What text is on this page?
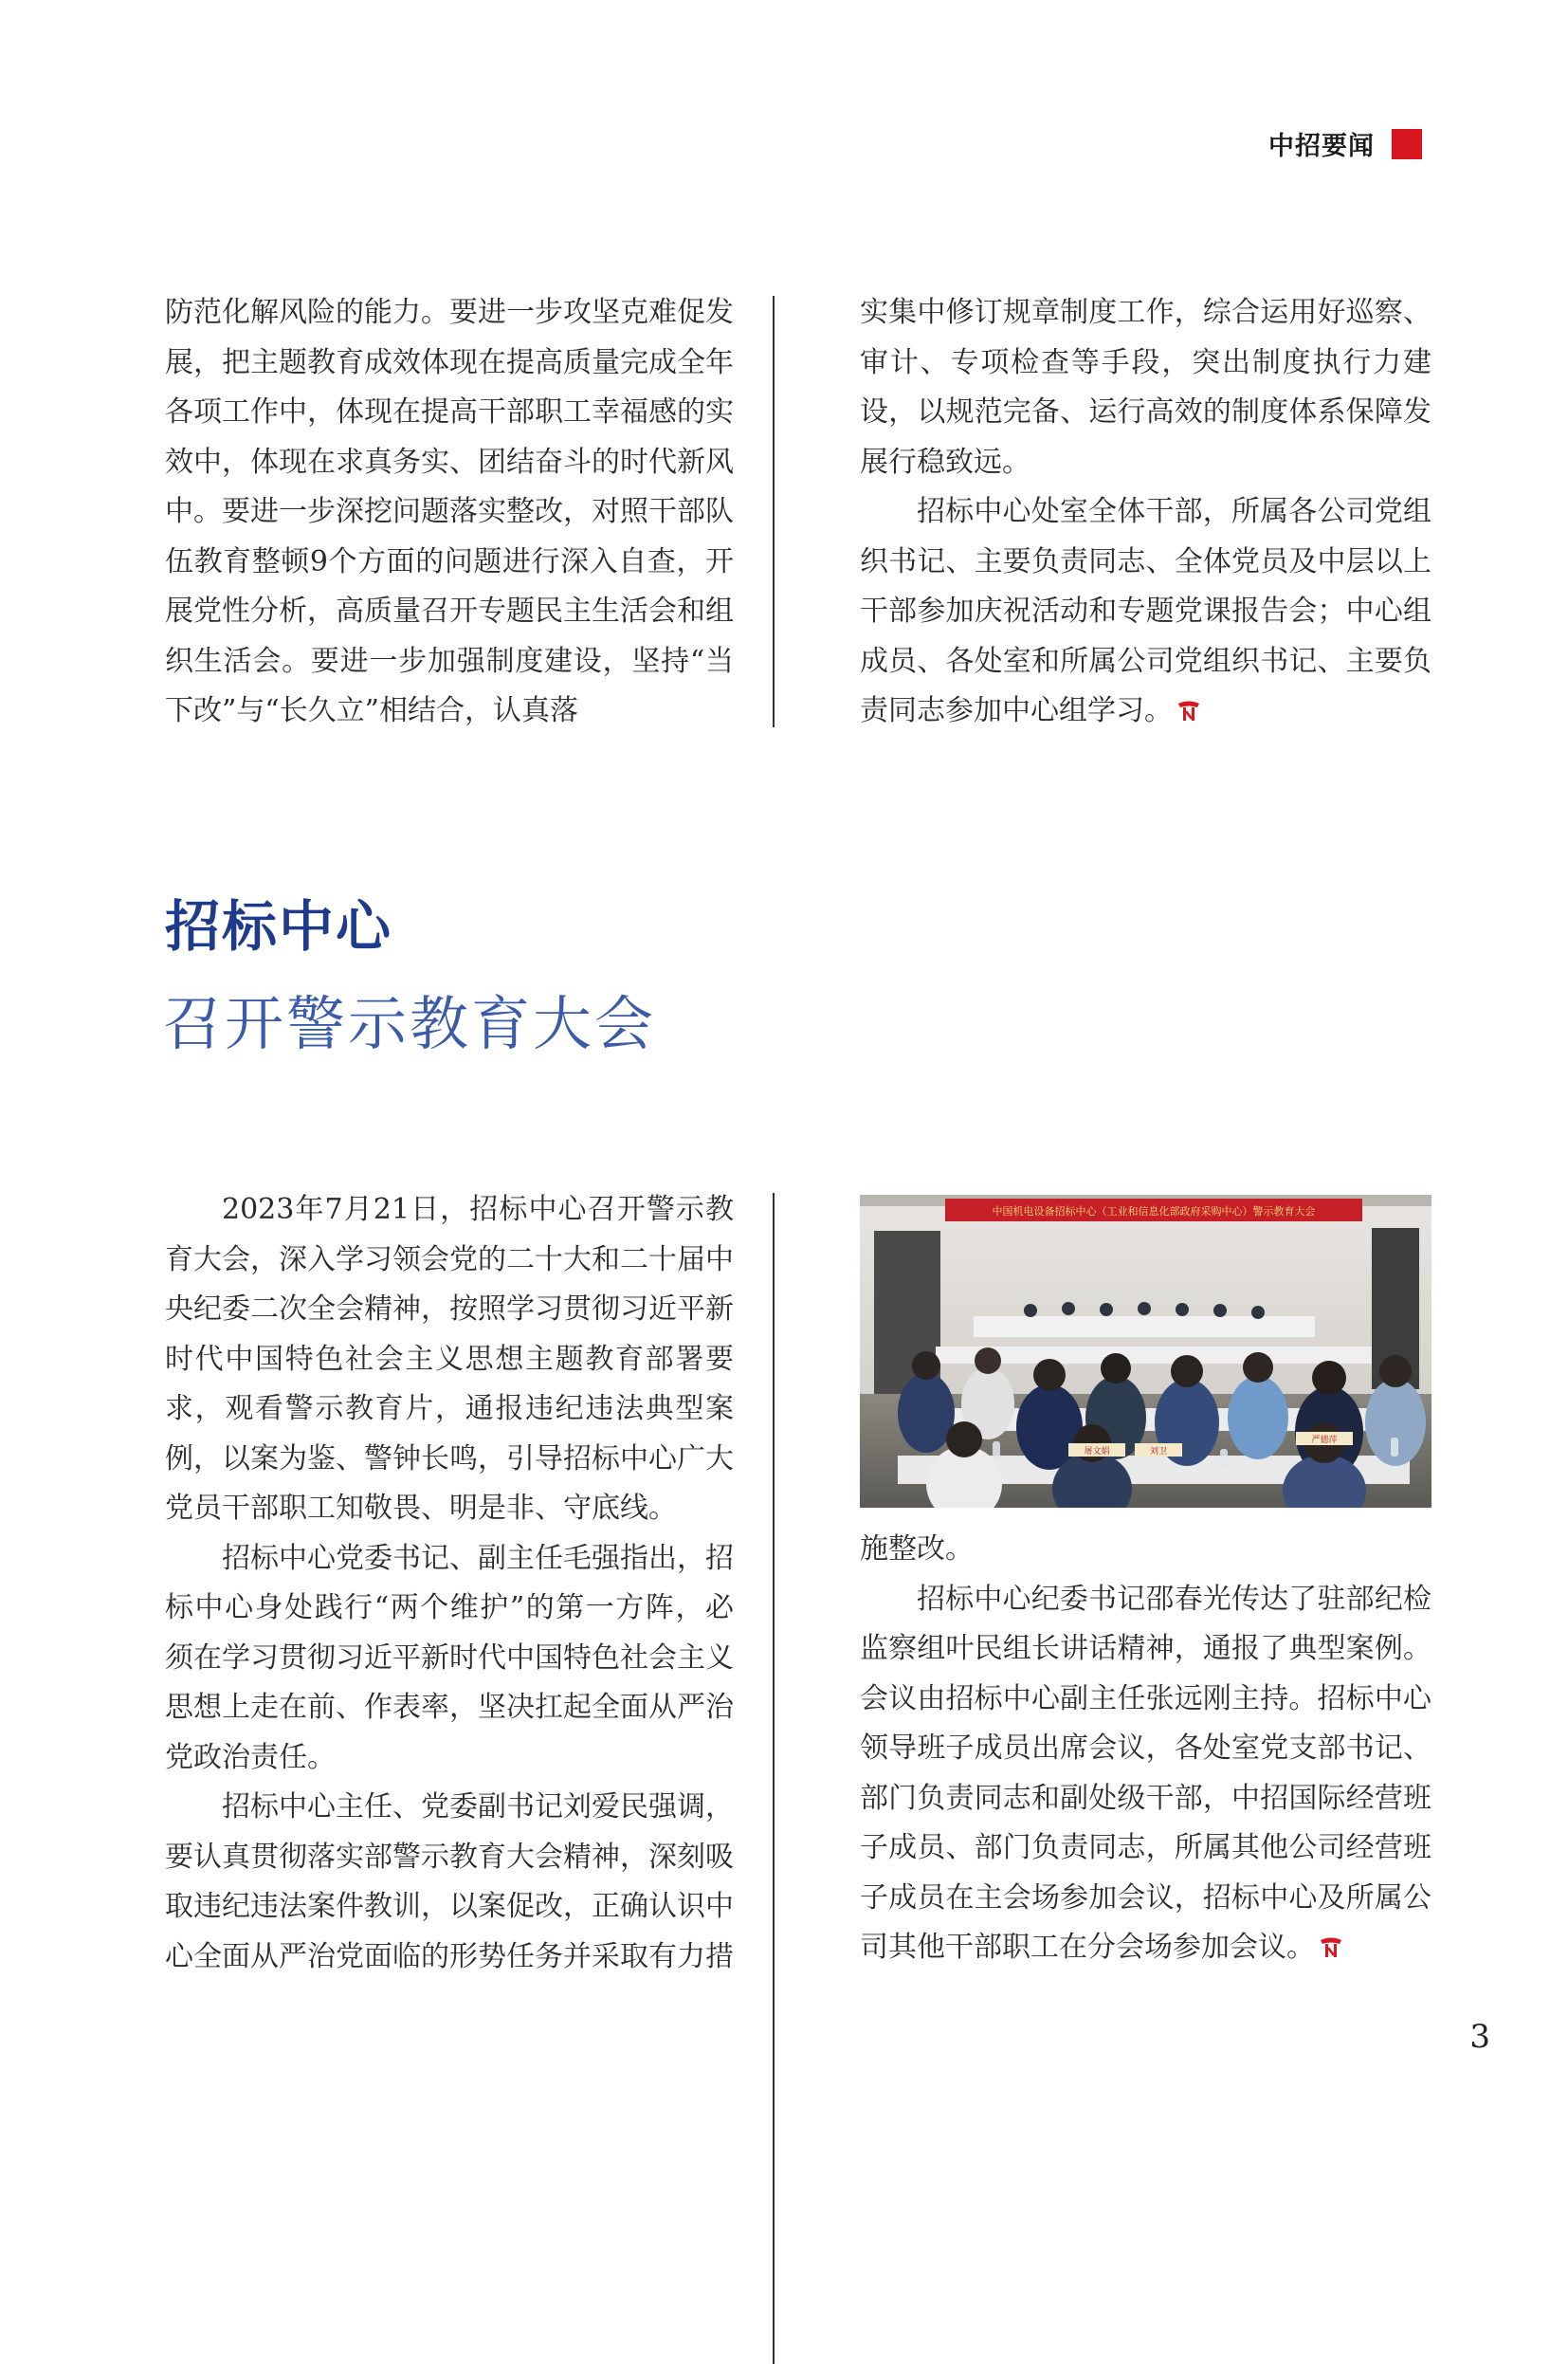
中招要闻

防范化解风险的能力。要进一步攻坚克难促发展，把主题教育成效体现在提高质量完成全年各项工作中，体现在提高干部职工幸福感的实效中，体现在求真务实、团结奋斗的时代新风中。要进一步深挖问题落实整改，对照干部队伍教育整顿9个方面的问题进行深入自查，开展党性分析，高质量召开专题民主生活会和组织生活会。要进一步加强制度建设，坚持“当下改”与“长久立”相结合，认真落

实集中修订规章制度工作，综合运用好巡察、审计、专项检查等手段，突出制度执行力建设，以规范完备、运行高效的制度体系保障发展行稳致远。

招标中心处室全体干部，所属各公司党组织书记、主要负责同志、全体党员及中层以上干部参加庆祝活动和专题党课报告会；中心组成员、各处室和所属公司党组织书记、主要负责同志参加中心组学习。

招标中心
召开警示教育大会

2023年7月21日，招标中心召开警示教育大会，深入学习领会党的二十大和二十届中央纪委二次全会精神，按照学习贯彻习近平新时代中国特色社会主义思想主题教育部署要求，观看警示教育片，通报违纪违法典型案例，以案为鉴、警钟长鸣，引导招标中心广大党员干部职工知敬畏、明是非、守底线。

招标中心党委书记、副主任毛强指出，招标中心身处践行“两个维护”的第一方阵，必须在学习贯彻习近平新时代中国特色社会主义思想上走在前、作表率，坚决扛起全面从严治党政治责任。

招标中心主任、党委副书记刘爱民强调，要认真贯彻落实部警示教育大会精神，深刻吸取违纪违法案件教训，以案促改，正确认识中心全面从严治党面临的形势任务并采取有力措

中国机电设备招标中心（工业和信息化部政府采购中心）警示教育大会
屠文娟	刘卫
严德萍

施整改。

招标中心纪委书记邵春光传达了驻部纪检监察组叶民组长讲话精神，通报了典型案例。会议由招标中心副主任张远刚主持。招标中心领导班子成员出席会议，各处室党支部书记、部门负责同志和副处级干部，中招国际经营班子成员、部门负责同志，所属其他公司经营班子成员在主会场参加会议，招标中心及所属公司其他干部职工在分会场参加会议。

3
